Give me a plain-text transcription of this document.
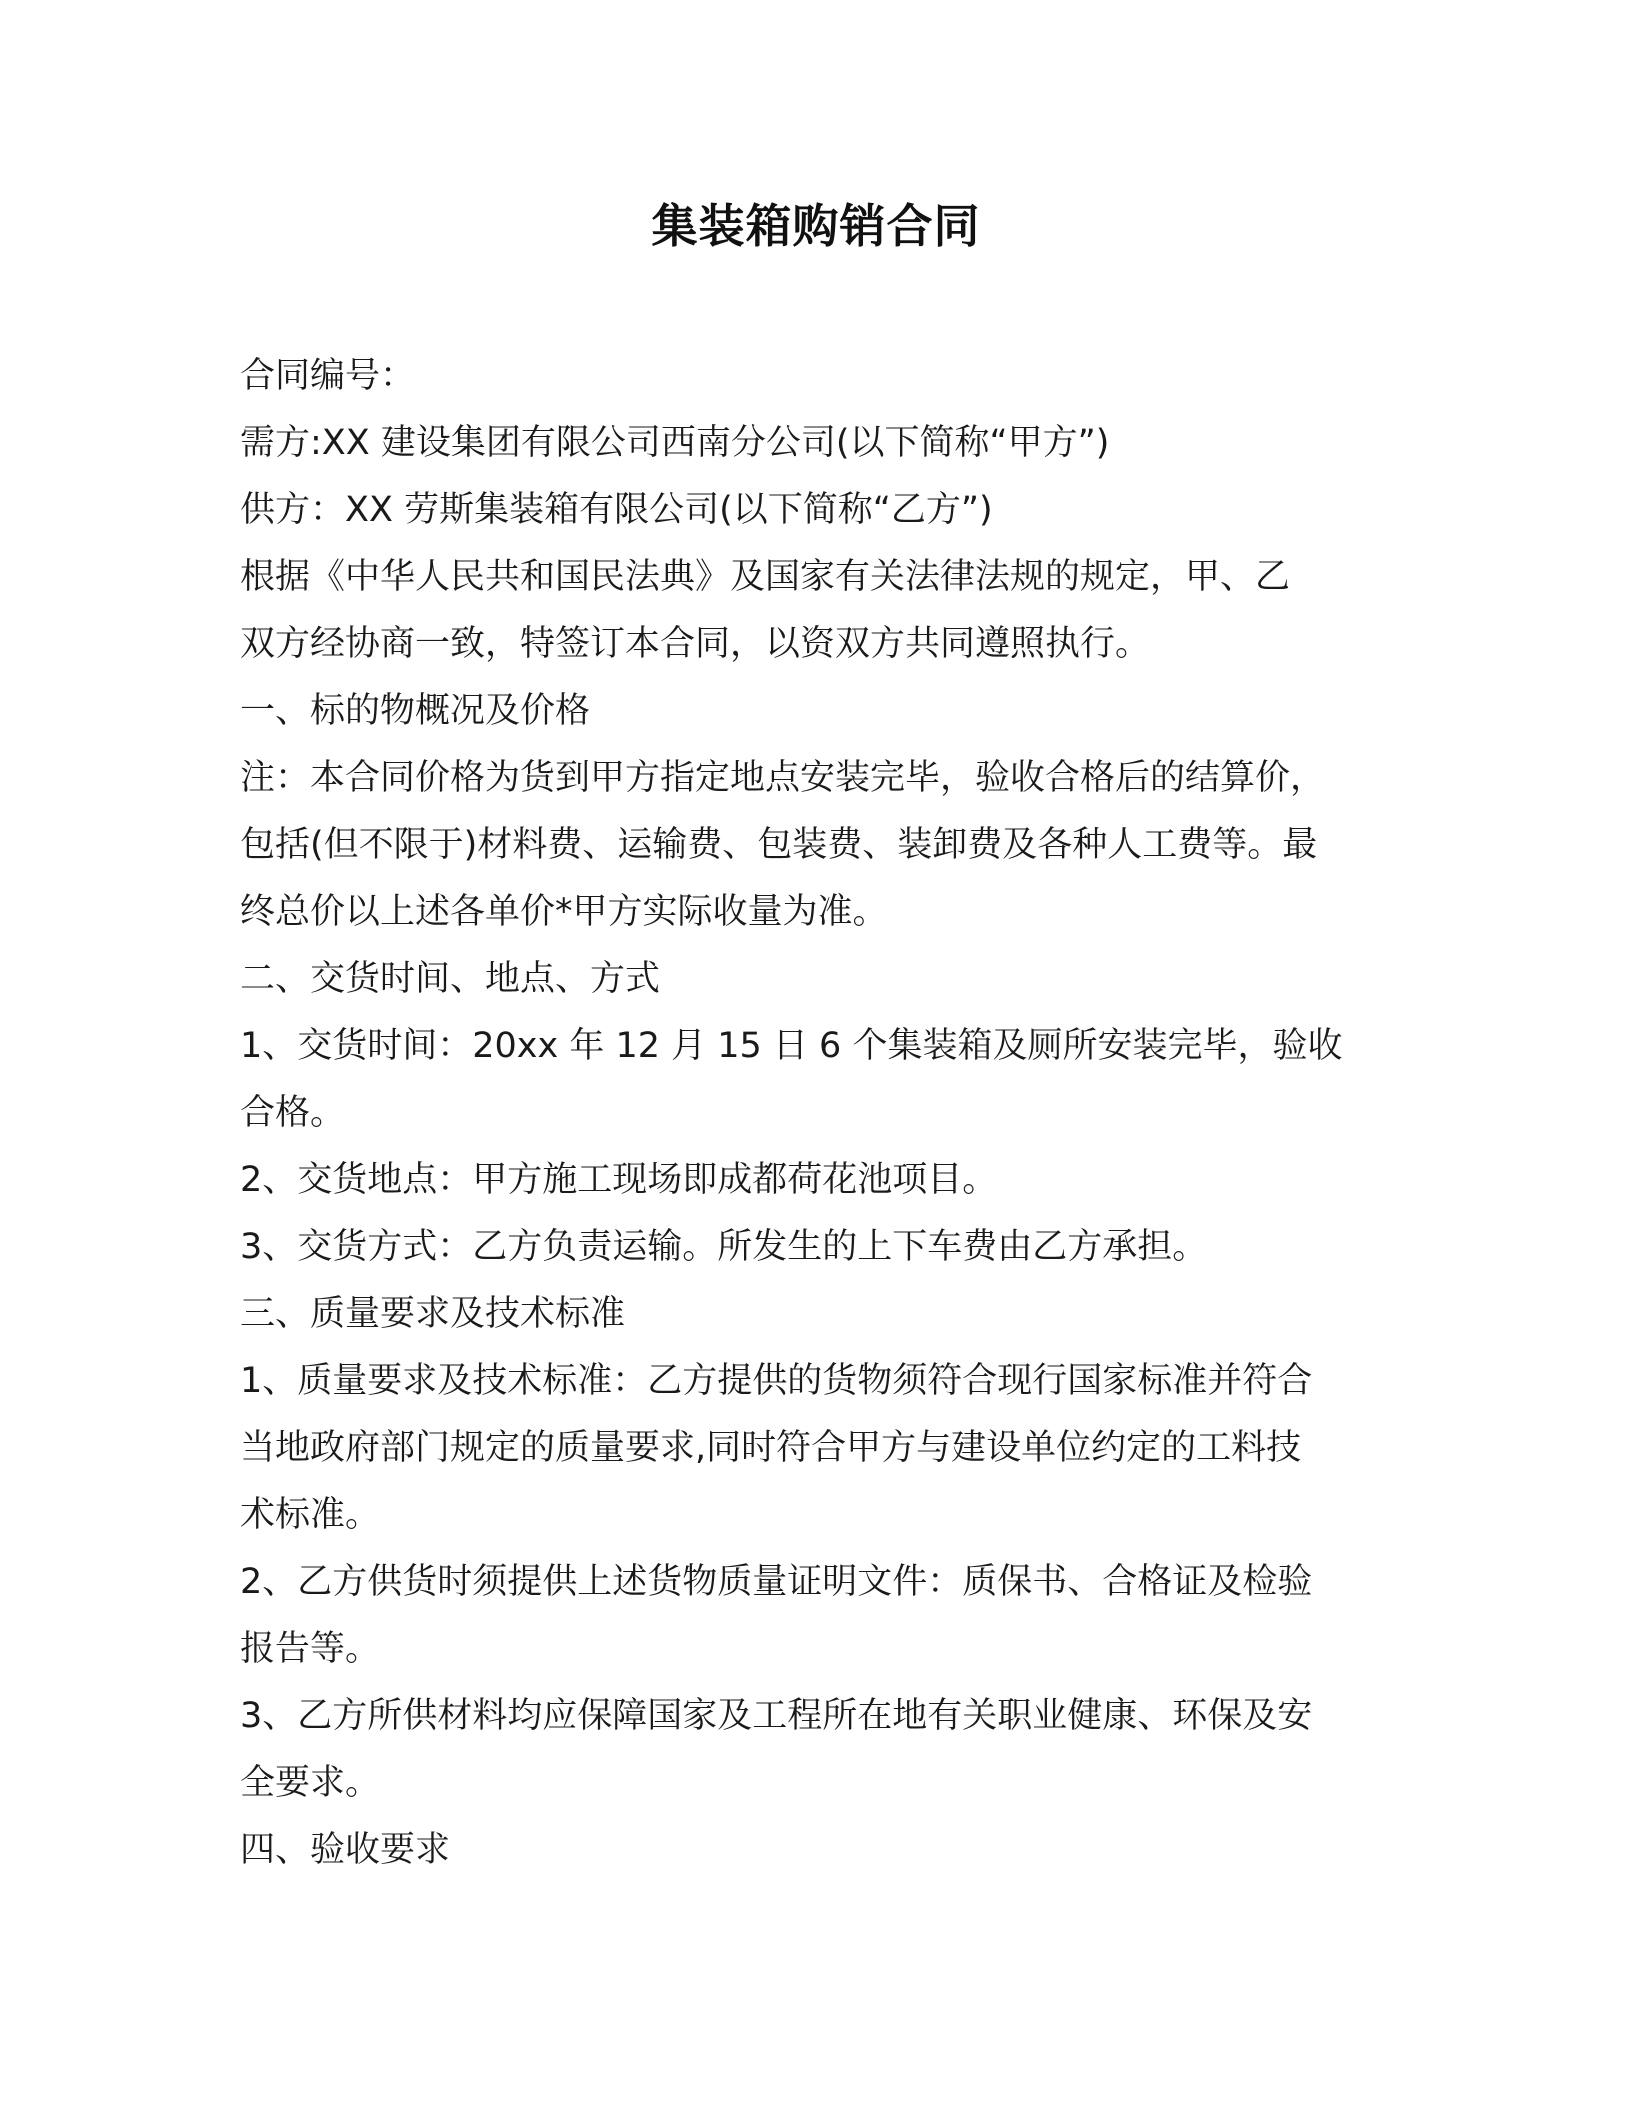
集装箱购销合同
合同编号：
需方:XX 建设集团有限公司西南分公司(以下简称“甲方”)
供方：XX 劳斯集装箱有限公司(以下简称“乙方”)
根据《中华人民共和国民法典》及国家有关法律法规的规定，甲、乙
双方经协商一致，特签订本合同，以资双方共同遵照执行。
一、标的物概况及价格
注：本合同价格为货到甲方指定地点安装完毕，验收合格后的结算价，
包括(但不限于)材料费、运输费、包装费、装卸费及各种人工费等。最
终总价以上述各单价*甲方实际收量为准。
二、交货时间、地点、方式
1、交货时间：20xx 年 12 月 15 日 6 个集装箱及厕所安装完毕，验收
合格。
2、交货地点：甲方施工现场即成都荷花池项目。
3、交货方式：乙方负责运输。所发生的上下车费由乙方承担。
三、质量要求及技术标准
1、质量要求及技术标准：乙方提供的货物须符合现行国家标准并符合
当地政府部门规定的质量要求,同时符合甲方与建设单位约定的工料技
术标准。
2、乙方供货时须提供上述货物质量证明文件：质保书、合格证及检验
报告等。
3、乙方所供材料均应保障国家及工程所在地有关职业健康、环保及安
全要求。
四、验收要求
